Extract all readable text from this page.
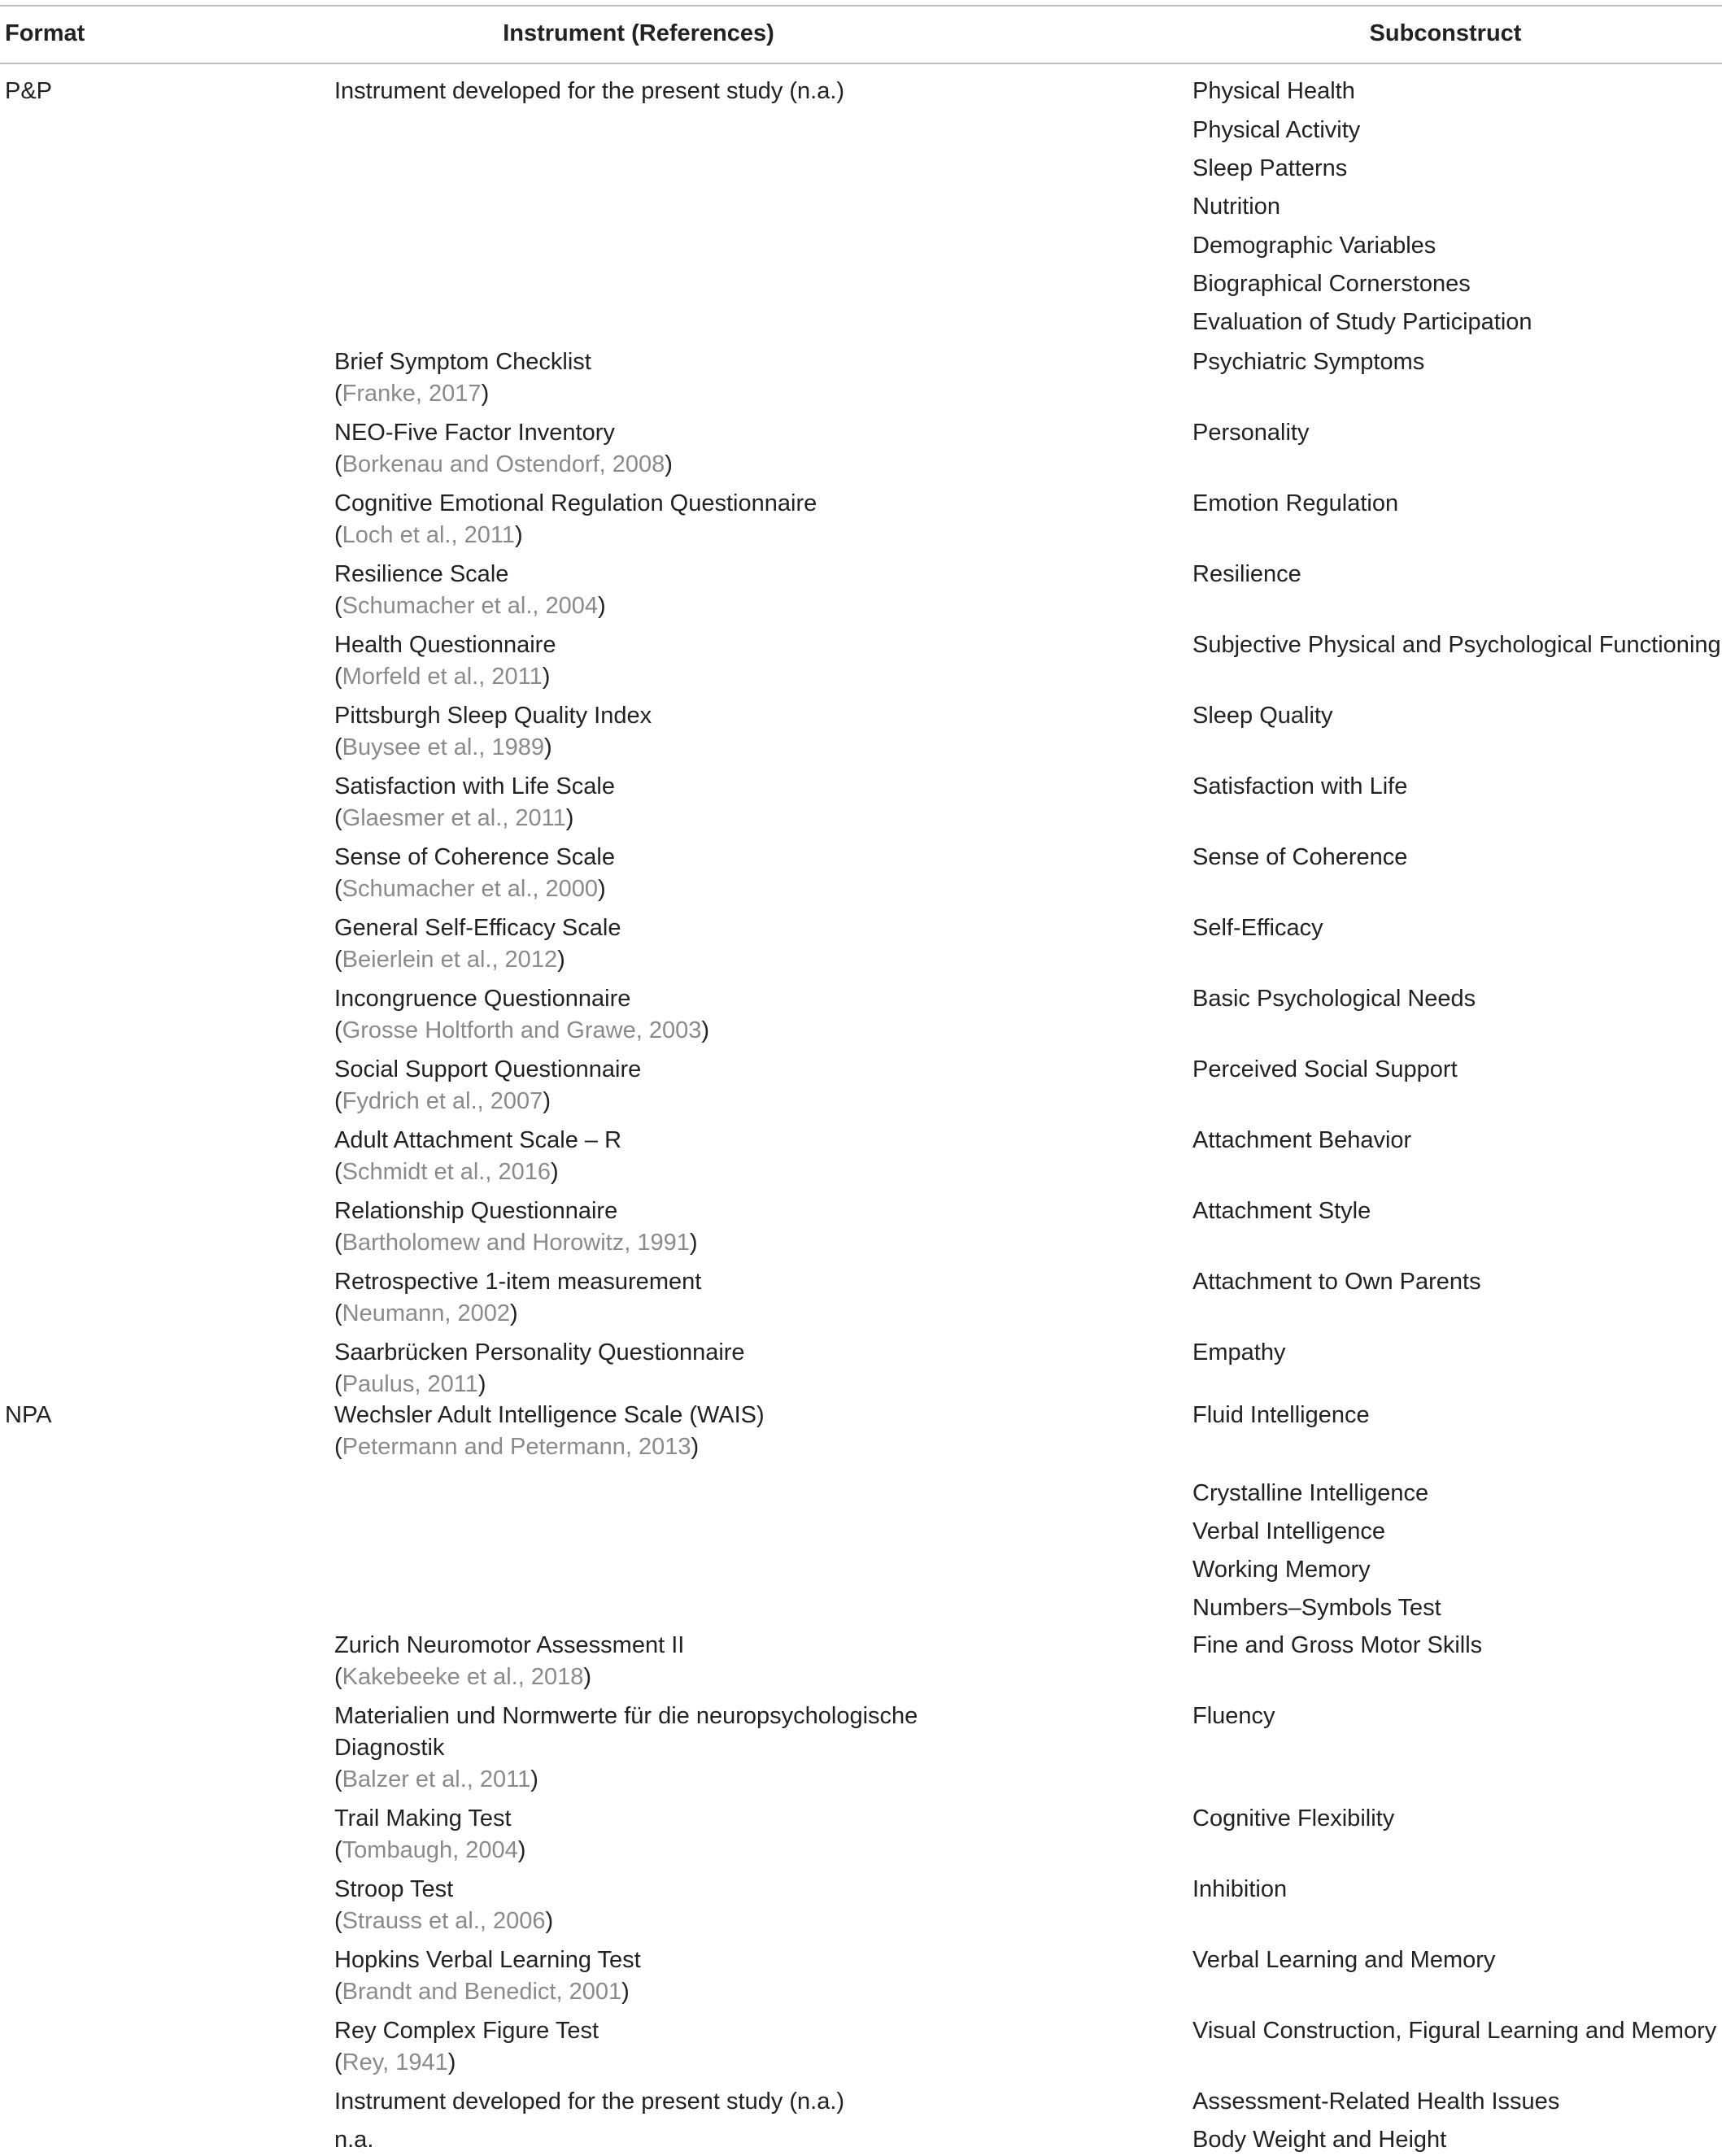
Format	Instrument (References)	Subconstruct
P&P
NPA
Instrument developed for the present study (n.a.)
Brief Symptom Checklist
(Franke, 2017)
NEO-Five Factor Inventory
(Borkenau and Ostendorf, 2008)
Cognitive Emotional Regulation Questionnaire
(Loch et al., 2011)
Resilience Scale
(Schumacher et al., 2004)
Health Questionnaire
(Morfeld et al., 2011)
Pittsburgh Sleep Quality Index
(Buysee et al., 1989)
Satisfaction with Life Scale
(Glaesmer et al., 2011)
Sense of Coherence Scale
(Schumacher et al., 2000)
General Self-Efficacy Scale
(Beierlein et al., 2012)
Incongruence Questionnaire
(Grosse Holtforth and Grawe, 2003)
Social Support Questionnaire
(Fydrich et al., 2007)
Adult Attachment Scale – R
(Schmidt et al., 2016)
Relationship Questionnaire
(Bartholomew and Horowitz, 1991)
Retrospective 1-item measurement
(Neumann, 2002)
Saarbrücken Personality Questionnaire
(Paulus, 2011)
Wechsler Adult Intelligence Scale (WAIS)
(Petermann and Petermann, 2013)
Zurich Neuromotor Assessment II
(Kakebeeke et al., 2018)
Materialien und Normwerte für die neuropsychologische
Diagnostik
(Balzer et al., 2011)
Trail Making Test
(Tombaugh, 2004)
Stroop Test
(Strauss et al., 2006)
Hopkins Verbal Learning Test
(Brandt and Benedict, 2001)
Rey Complex Figure Test
(Rey, 1941)
Instrument developed for the present study (n.a.)
n.a.
Physical Health
Physical Activity
Sleep Patterns
Nutrition
Demographic Variables
Biographical Cornerstones
Evaluation of Study Participation
Psychiatric Symptoms
Personality
Emotion Regulation
Resilience
Subjective Physical and Psychological Functioning
Sleep Quality
Satisfaction with Life
Sense of Coherence
Self-Efficacy
Basic Psychological Needs
Perceived Social Support
Attachment Behavior
Attachment Style
Attachment to Own Parents
Empathy
Fluid Intelligence
Crystalline Intelligence
Verbal Intelligence
Working Memory
Numbers–Symbols Test
Fine and Gross Motor Skills
Fluency
Cognitive Flexibility
Inhibition
Verbal Learning and Memory
Visual Construction, Figural Learning and Memory
Assessment-Related Health Issues
Body Weight and Height
